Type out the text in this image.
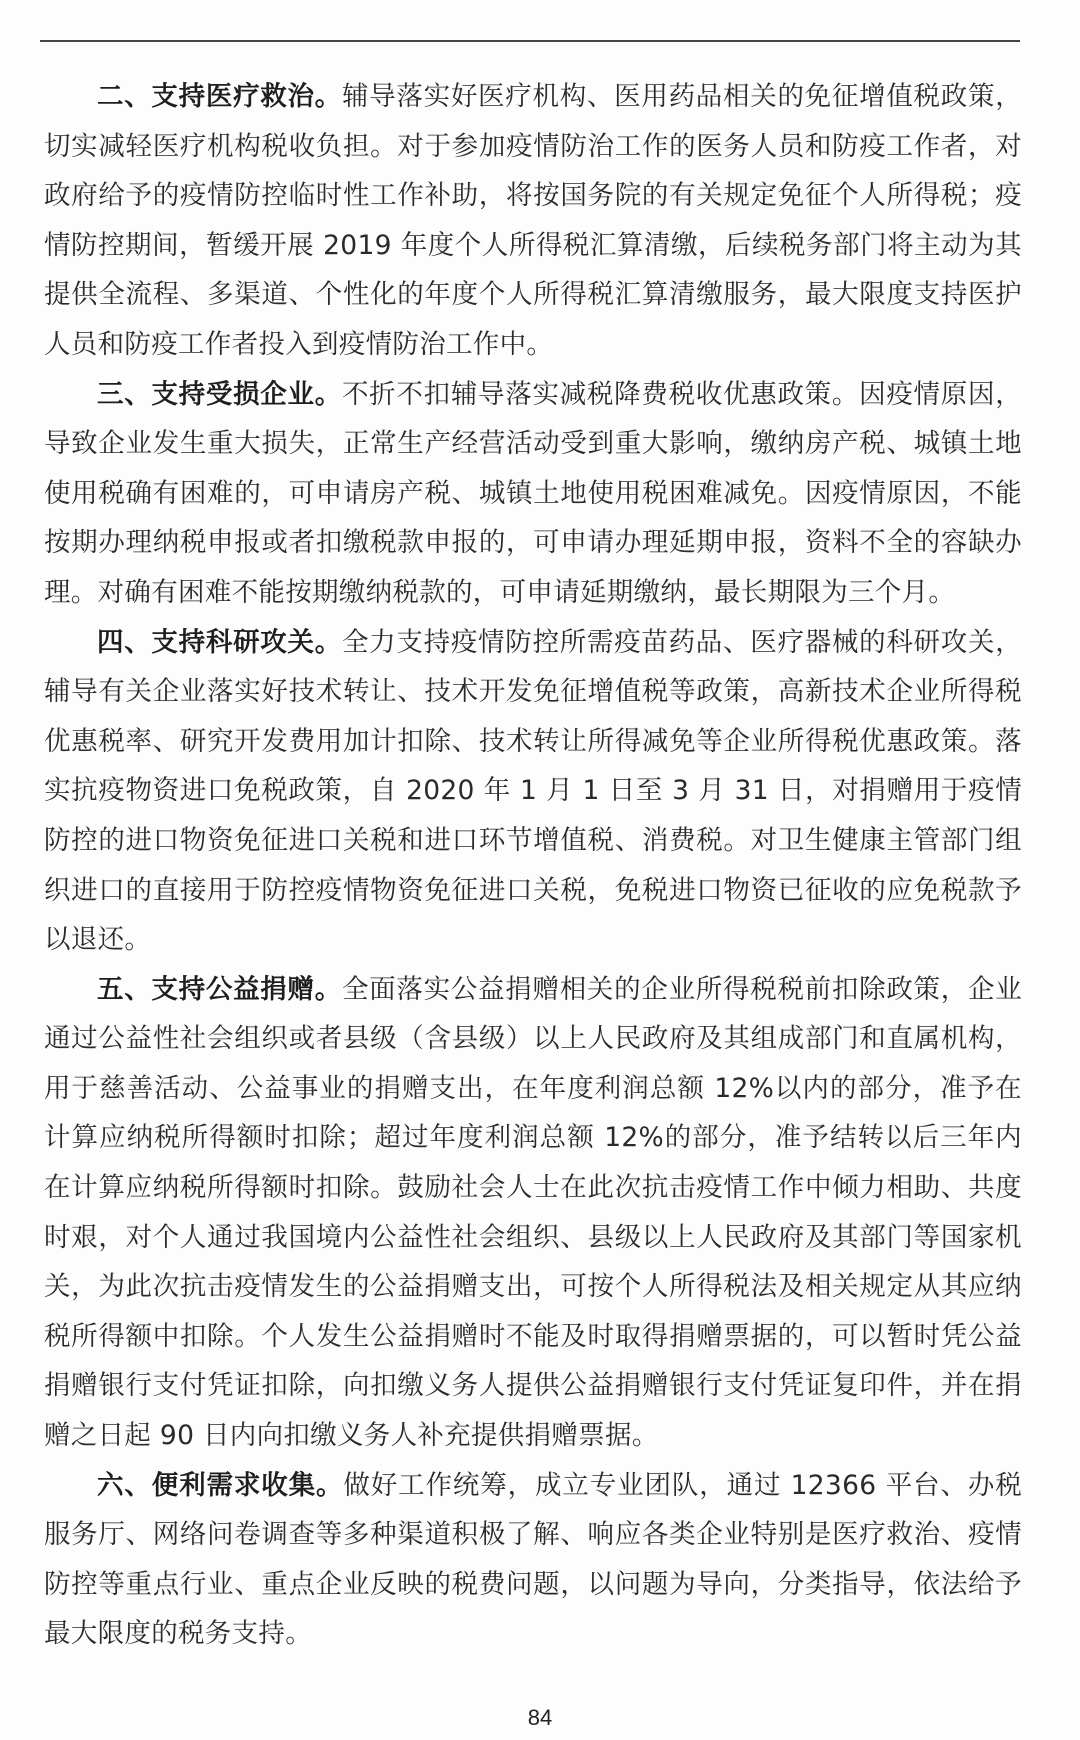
二、支持医疗救治。辅导落实好医疗机构、医用药品相关的免征增值税政策，切实减轻医疗机构税收负担。对于参加疫情防治工作的医务人员和防疫工作者，对政府给予的疫情防控临时性工作补助，将按国务院的有关规定免征个人所得税；疫情防控期间，暂缓开展 2019 年度个人所得税汇算清缴，后续税务部门将主动为其提供全流程、多渠道、个性化的年度个人所得税汇算清缴服务，最大限度支持医护人员和防疫工作者投入到疫情防治工作中。

三、支持受损企业。不折不扣辅导落实减税降费税收优惠政策。因疫情原因，导致企业发生重大损失，正常生产经营活动受到重大影响，缴纳房产税、城镇土地使用税确有困难的，可申请房产税、城镇土地使用税困难减免。因疫情原因，不能按期办理纳税申报或者扣缴税款申报的，可申请办理延期申报，资料不全的容缺办理。对确有困难不能按期缴纳税款的，可申请延期缴纳，最长期限为三个月。

四、支持科研攻关。全力支持疫情防控所需疫苗药品、医疗器械的科研攻关，辅导有关企业落实好技术转让、技术开发免征增值税等政策，高新技术企业所得税优惠税率、研究开发费用加计扣除、技术转让所得减免等企业所得税优惠政策。落实抗疫物资进口免税政策，自 2020 年 1 月 1 日至 3 月 31 日，对捐赠用于疫情防控的进口物资免征进口关税和进口环节增值税、消费税。对卫生健康主管部门组织进口的直接用于防控疫情物资免征进口关税，免税进口物资已征收的应免税款予以退还。

五、支持公益捐赠。全面落实公益捐赠相关的企业所得税税前扣除政策，企业通过公益性社会组织或者县级（含县级）以上人民政府及其组成部门和直属机构，用于慈善活动、公益事业的捐赠支出，在年度利润总额 12%以内的部分，准予在计算应纳税所得额时扣除；超过年度利润总额 12%的部分，准予结转以后三年内在计算应纳税所得额时扣除。鼓励社会人士在此次抗击疫情工作中倾力相助、共度时艰，对个人通过我国境内公益性社会组织、县级以上人民政府及其部门等国家机关，为此次抗击疫情发生的公益捐赠支出，可按个人所得税法及相关规定从其应纳税所得额中扣除。个人发生公益捐赠时不能及时取得捐赠票据的，可以暂时凭公益捐赠银行支付凭证扣除，向扣缴义务人提供公益捐赠银行支付凭证复印件，并在捐赠之日起 90 日内向扣缴义务人补充提供捐赠票据。

六、便利需求收集。做好工作统筹，成立专业团队，通过 12366 平台、办税服务厅、网络问卷调查等多种渠道积极了解、响应各类企业特别是医疗救治、疫情防控等重点行业、重点企业反映的税费问题，以问题为导向，分类指导，依法给予最大限度的税务支持。

84
